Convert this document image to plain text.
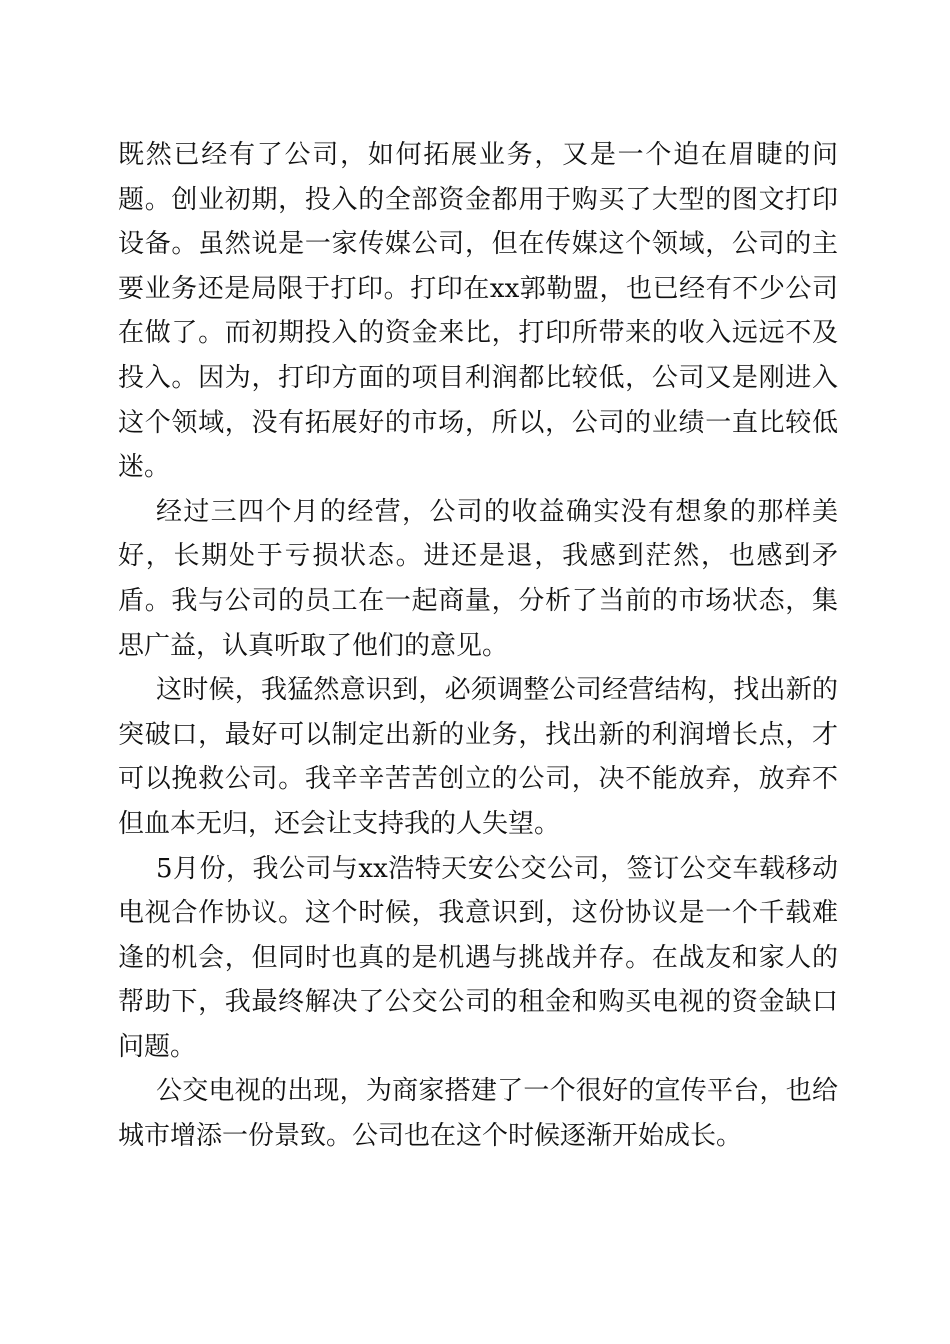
既然已经有了公司，如何拓展业务，又是一个迫在眉睫的问题。创业初期，投入的全部资金都用于购买了大型的图文打印设备。虽然说是一家传媒公司，但在传媒这个领域，公司的主要业务还是局限于打印。打印在xx郭勒盟，也已经有不少公司在做了。而初期投入的资金来比，打印所带来的收入远远不及投入。因为，打印方面的项目利润都比较低，公司又是刚进入这个领域，没有拓展好的市场，所以，公司的业绩一直比较低迷。

经过三四个月的经营，公司的收益确实没有想象的那样美好，长期处于亏损状态。进还是退，我感到茫然，也感到矛盾。我与公司的员工在一起商量，分析了当前的市场状态，集思广益，认真听取了他们的意见。

这时候，我猛然意识到，必须调整公司经营结构，找出新的突破口，最好可以制定出新的业务，找出新的利润增长点，才可以挽救公司。我辛辛苦苦创立的公司，决不能放弃，放弃不但血本无归，还会让支持我的人失望。

5月份，我公司与xx浩特天安公交公司，签订公交车载移动电视合作协议。这个时候，我意识到，这份协议是一个千载难逢的机会，但同时也真的是机遇与挑战并存。在战友和家人的帮助下，我最终解决了公交公司的租金和购买电视的资金缺口问题。

公交电视的出现，为商家搭建了一个很好的宣传平台，也给城市增添一份景致。公司也在这个时候逐渐开始成长。
